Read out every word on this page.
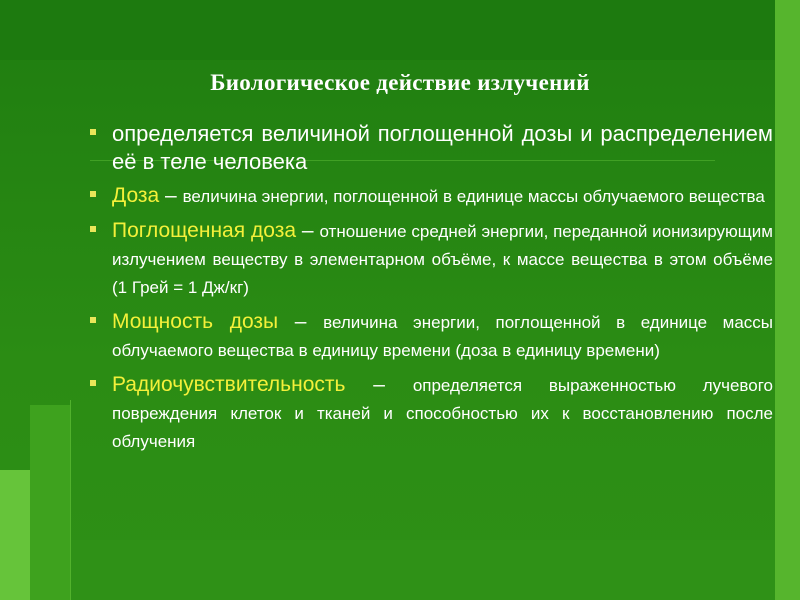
Биологическое действие излучений
определяется величиной поглощенной дозы и распределением её в теле человека
Доза – величина энергии, поглощенной в единице массы облучаемого вещества
Поглощенная доза – отношение средней энергии, переданной ионизирующим излучением веществу в элементарном объёме, к массе вещества в этом объёме (1 Грей = 1 Дж/кг)
Мощность дозы – величина энергии, поглощенной в единице массы облучаемого вещества в единицу времени (доза в единицу времени)
Радиочувствительность – определяется выраженностью лучевого повреждения клеток и тканей и способностью их к восстановлению после облучения
